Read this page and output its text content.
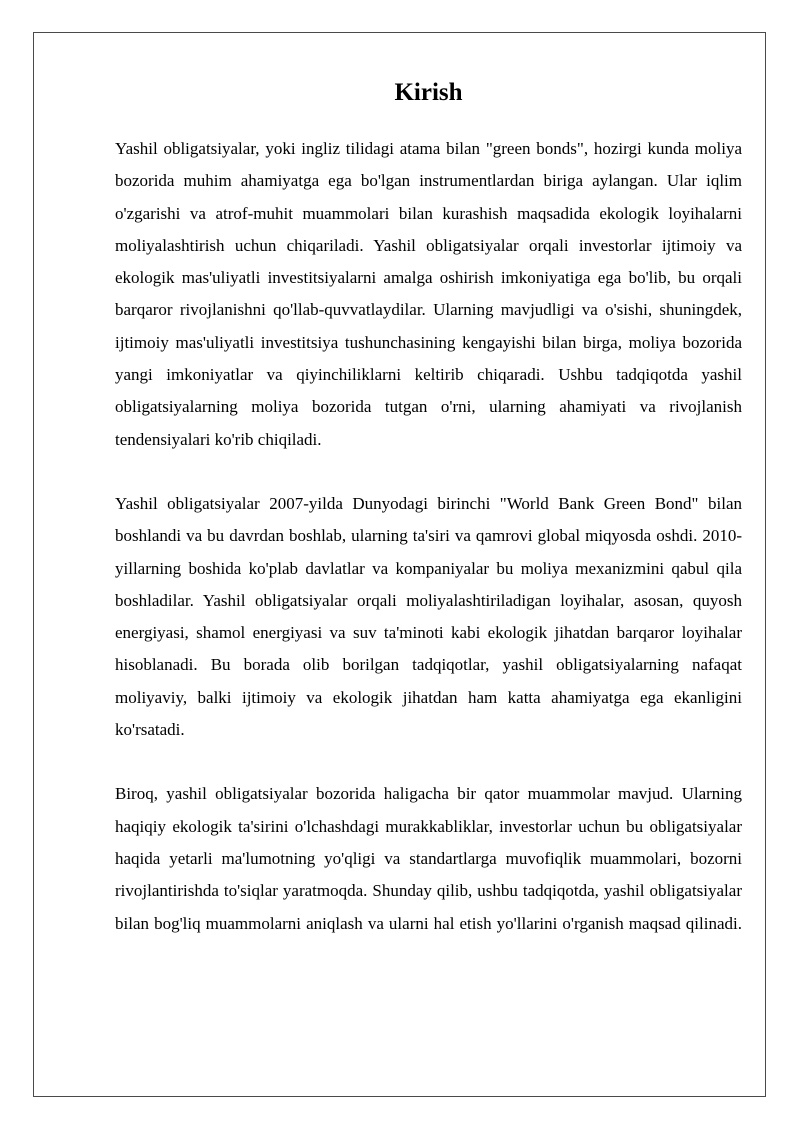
Kirish

Yashil obligatsiyalar, yoki ingliz tilidagi atama bilan "green bonds", hozirgi kunda moliya bozorida muhim ahamiyatga ega bo'lgan instrumentlardan biriga aylangan. Ular iqlim o'zgarishi va atrof-muhit muammolari bilan kurashish maqsadida ekologik loyihalarni moliyalashtirish uchun chiqariladi. Yashil obligatsiyalar orqali investorlar ijtimoiy va ekologik mas'uliyatli investitsiyalarni amalga oshirish imkoniyatiga ega bo'lib, bu orqali barqaror rivojlanishni qo'llab-quvvatlaydilar. Ularning mavjudligi va o'sishi, shuningdek, ijtimoiy mas'uliyatli investitsiya tushunchasining kengayishi bilan birga, moliya bozorida yangi imkoniyatlar va qiyinchiliklarni keltirib chiqaradi. Ushbu tadqiqotda yashil obligatsiyalarning moliya bozorida tutgan o'rni, ularning ahamiyati va rivojlanish tendensiyalari ko'rib chiqiladi.

Yashil obligatsiyalar 2007-yilda Dunyodagi birinchi "World Bank Green Bond" bilan boshlandi va bu davrdan boshlab, ularning ta'siri va qamrovi global miqyosda oshdi. 2010-yillarning boshida ko'plab davlatlar va kompaniyalar bu moliya mexanizmini qabul qila boshladilar. Yashil obligatsiyalar orqali moliyalashtiriladigan loyihalar, asosan, quyosh energiyasi, shamol energiyasi va suv ta'minoti kabi ekologik jihatdan barqaror loyihalar hisoblanadi. Bu borada olib borilgan tadqiqotlar, yashil obligatsiyalarning nafaqat moliyaviy, balki ijtimoiy va ekologik jihatdan ham katta ahamiyatga ega ekanligini ko'rsatadi.

Biroq, yashil obligatsiyalar bozorida haligacha bir qator muammolar mavjud. Ularning haqiqiy ekologik ta'sirini o'lchashdagi murakkabliklar, investorlar uchun bu obligatsiyalar haqida yetarli ma'lumotning yo'qligi va standartlarga muvofiqlik muammolari, bozorni rivojlantirishda to'siqlar yaratmoqda. Shunday qilib, ushbu tadqiqotda, yashil obligatsiyalar bilan bog'liq muammolarni aniqlash va ularni hal etish yo'llarini o'rganish maqsad qilinadi.
